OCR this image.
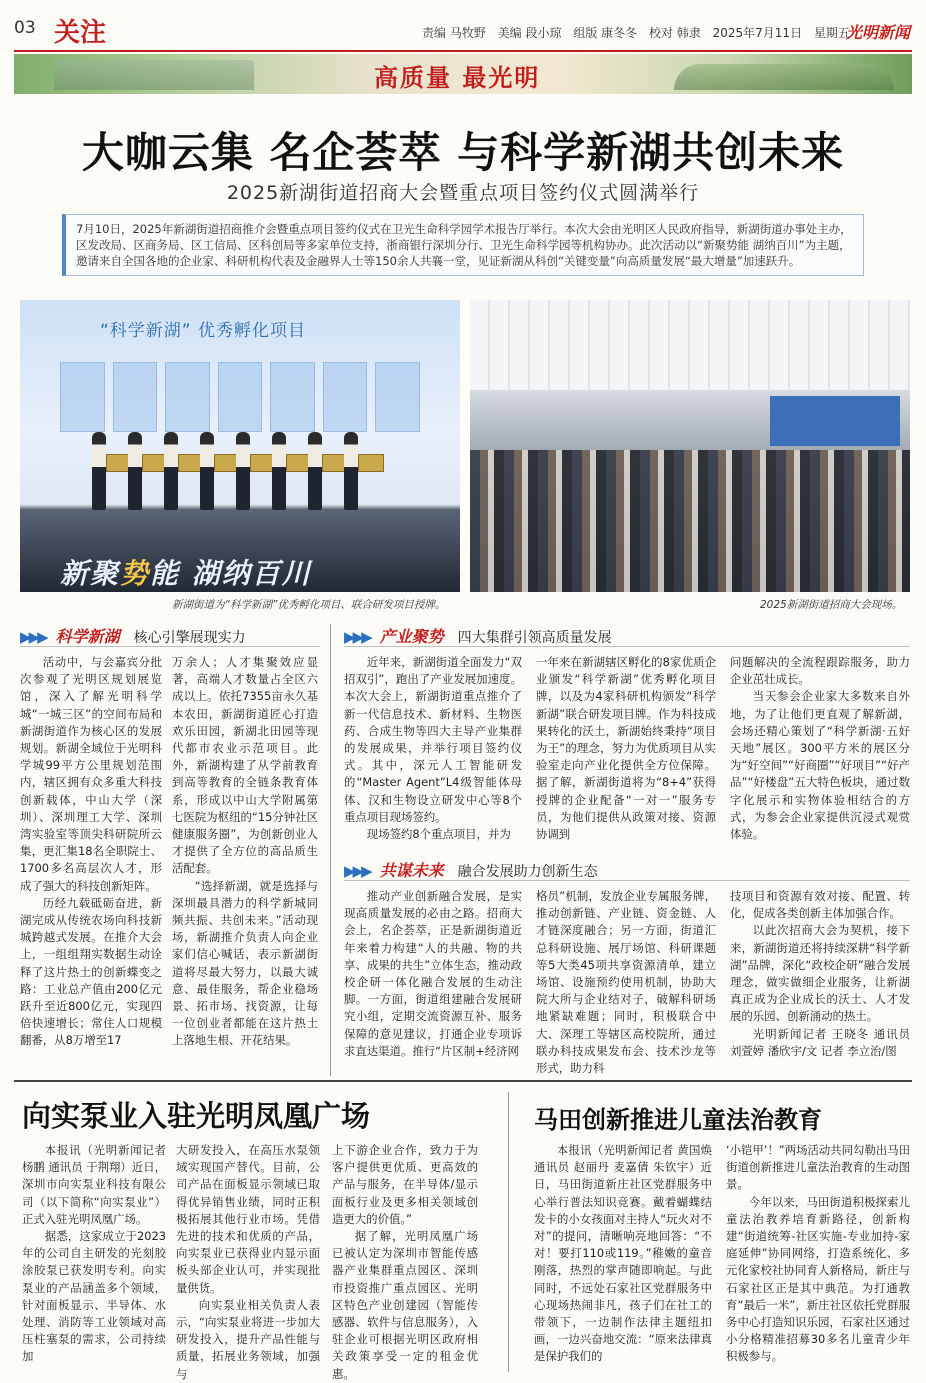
03 关注	责编 马牧野 美编 段小琼 组版 康冬冬 校对 韩隶 2025年7月11日 星期五
光明新闻
高质量 最光明
大咖云集 名企荟萃 与科学新湖共创未来
2025新湖街道招商大会暨重点项目签约仪式圆满举行
7月10日，2025年新湖街道招商推介会暨重点项目签约仪式在卫光生命科学园学术报告厅举行。本次大会由光明区人民政府指导，新湖街道办事处主办，区发改局、区商务局、区工信局、区科创局等多家单位支持，浙商银行深圳分行、卫光生命科学园等机构协办。此次活动以“新聚势能 湖纳百川”为主题，邀请来自全国各地的企业家、科研机构代表及金融界人士等150余人共襄一堂，见证新湖从科创“关键变量”向高质量发展“最大增量”加速跃升。
“科学新湖” 优秀孵化项目
新聚势能 湖纳百川
新湖街道为“科学新湖”优秀孵化项目、联合研发项目授牌。	2025新湖街道招商大会现场。
▶▶▶ 科学新湖 核心引擎展现实力

活动中，与会嘉宾分批次参观了光明区规划展览馆，深入了解光明科学城“一城三区”的空间布局和新湖街道作为核心区的发展规划。新湖全域位于光明科学城99平方公里规划范围内，辖区拥有众多重大科技创新载体，中山大学（深圳）、深圳理工大学、深圳湾实验室等顶尖科研院所云集，更汇集18名全职院士、1700多名高层次人才，形成了强大的科技创新矩阵。

历经九载砥砺奋进，新湖完成从传统农场向科技新城跨越式发展。在推介大会上，一组组翔实数据生动诠释了这片热土的创新蝶变之路：工业总产值由200亿元跃升至近800亿元，实现四倍快速增长；常住人口规模翻番，从8万增至17

万余人；人才集聚效应显著，高端人才数量占全区六成以上。依托7355亩永久基本农田，新湖街道匠心打造欢乐田园，新湖北田园等现代都市农业示范项目。此外，新湖构建了从学前教育到高等教育的全链条教育体系，形成以中山大学附属第七医院为枢纽的“15分钟社区健康服务圈”，为创新创业人才提供了全方位的高品质生活配套。

“选择新湖，就是选择与深圳最具潜力的科学新城同频共振、共创未来。”活动现场，新湖推介负责人向企业家们信心喊话，表示新湖街道将尽最大努力，以最大诚意、最佳服务，帮企业稳场景、拓市场、找资源，让每一位创业者都能在这片热土上落地生根、开花结果。

▶▶▶ 产业聚势 四大集群引领高质量发展

近年来，新湖街道全面发力“双招双引”，跑出了产业发展加速度。本次大会上，新湖街道重点推介了新一代信息技术、新材料、生物医药、合成生物等四大主导产业集群的发展成果，并举行项目签约仪式。其中，深元人工智能研发的“Master Agent”L4级智能体母体、汉和生物设立研发中心等8个重点项目现场签约。

现场签约8个重点项目，并为

一年来在新湖辖区孵化的8家优质企业颁发“科学新湖”优秀孵化项目牌，以及为4家科研机构颁发“科学新湖”联合研发项目牌。作为科技成果转化的沃土，新湖始终秉持“项目为王”的理念，努力为优质项目从实验室走向产业化提供全方位保障。据了解，新湖街道将为“8+4”获得授牌的企业配备“一对一”服务专员，为他们提供从政策对接、资源协调到

问题解决的全流程跟踪服务，助力企业茁壮成长。

当天参会企业家大多数来自外地，为了让他们更直观了解新湖，会场还精心策划了“科学新湖·五好天地”展区。300平方米的展区分为“好空间”“好商圈”“好项目”“好产品”“好楼盘”五大特色板块，通过数字化展示和实物体验相结合的方式，为参会企业家提供沉浸式观赏体验。

▶▶▶ 共谋未来 融合发展助力创新生态

推动产业创新融合发展，是实现高质量发展的必由之路。招商大会上，名企荟萃，正是新湖街道近年来着力构建“人的共融、物的共享、成果的共生”立体生态，推动政校企研一体化融合发展的生动注脚。一方面，街道组建融合发展研究小组，定期交流资源互补、服务保障的意见建议，打通企业专项诉求直达渠道。推行“片区制+经济网

格员”机制，发放企业专属服务牌，推动创新链、产业链、资金链、人才链深度融合；另一方面，街道汇总科研设施、展厅场馆、科研课题等5大类45项共享资源清单，建立场馆、设施预约使用机制，协助大院大所与企业结对子，破解科研场地紧缺难题；同时，积极联合中大、深理工等辖区高校院所，通过联办科技成果发布会、技术沙龙等形式，助力科

技项目和资源有效对接、配置、转化，促成各类创新主体加强合作。

以此次招商大会为契机，接下来，新湖街道还将持续深耕“科学新湖”品牌，深化“政校企研”融合发展理念，做实做细企业服务，让新湖真正成为企业成长的沃土、人才发展的乐园、创新涌动的热土。

光明新闻记者 王晓冬 通讯员 刘萱婷 潘欣宇/文 记者 李立治/图

向实泵业入驻光明凤凰广场

本报讯（光明新闻记者 杨鹏 通讯员 于荆翔）近日，深圳市向实泵业科技有限公司（以下简称“向实泵业”）正式入驻光明凤凰广场。

据悉，这家成立于2023年的公司自主研发的光刻胶涂胶泵已获发明专利。向实泵业的产品涵盖多个领域，针对面板显示、半导体、水处理、消防等工业领域对高压柱塞泵的需求，公司持续加

大研发投入，在高压水泵领域实现国产替代。目前，公司产品在面板显示领域已取得优异销售业绩，同时正积极拓展其他行业市场。凭借先进的技术和优质的产品，向实泵业已获得业内显示面板头部企业认可，并实现批量供货。

向实泵业相关负责人表示，“向实泵业将进一步加大研发投入，提升产品性能与质量，拓展业务领域，加强与

上下游企业合作，致力于为客户提供更优质、更高效的产品与服务，在半导体/显示面板行业及更多相关领域创造更大的价值。”

据了解，光明凤凰广场已被认定为深圳市智能传感器产业集群重点园区、深圳市投资推广重点园区、光明区特色产业创建园（智能传感器、软件与信息服务），入驻企业可根据光明区政府相关政策享受一定的租金优惠。

马田创新推进儿童法治教育

本报讯（光明新闻记者 黄国焕 通讯员 赵丽丹 麦嘉倩 朱钦宇）近日，马田街道新庄社区党群服务中心举行普法知识竞赛。戴着蝴蝶结发卡的小女孩面对主持人“玩火对不对”的提问，清晰响亮地回答：“不对！要打110或119。”稚嫩的童音刚落，热烈的掌声随即响起。与此同时，不远处石家社区党群服务中心现场热闹非凡，孩子们在社工的带领下，一边制作法律主题纽扣画，一边兴奋地交流：“原来法律真是保护我们的

‘小铠甲’！”两场活动共同勾勒出马田街道创新推进儿童法治教育的生动图景。

今年以来，马田街道积极探索儿童法治教养培育新路径，创新构建“街道统筹-社区实施-专业加持-家庭延伸”协同网络，打造系统化、多元化家校社协同育人新格局，新庄与石家社区正是其中典范。为打通教育“最后一米”，新庄社区依托党群服务中心打造知识乐园，石家社区通过小分格精准招募30多名儿童青少年积极参与。
